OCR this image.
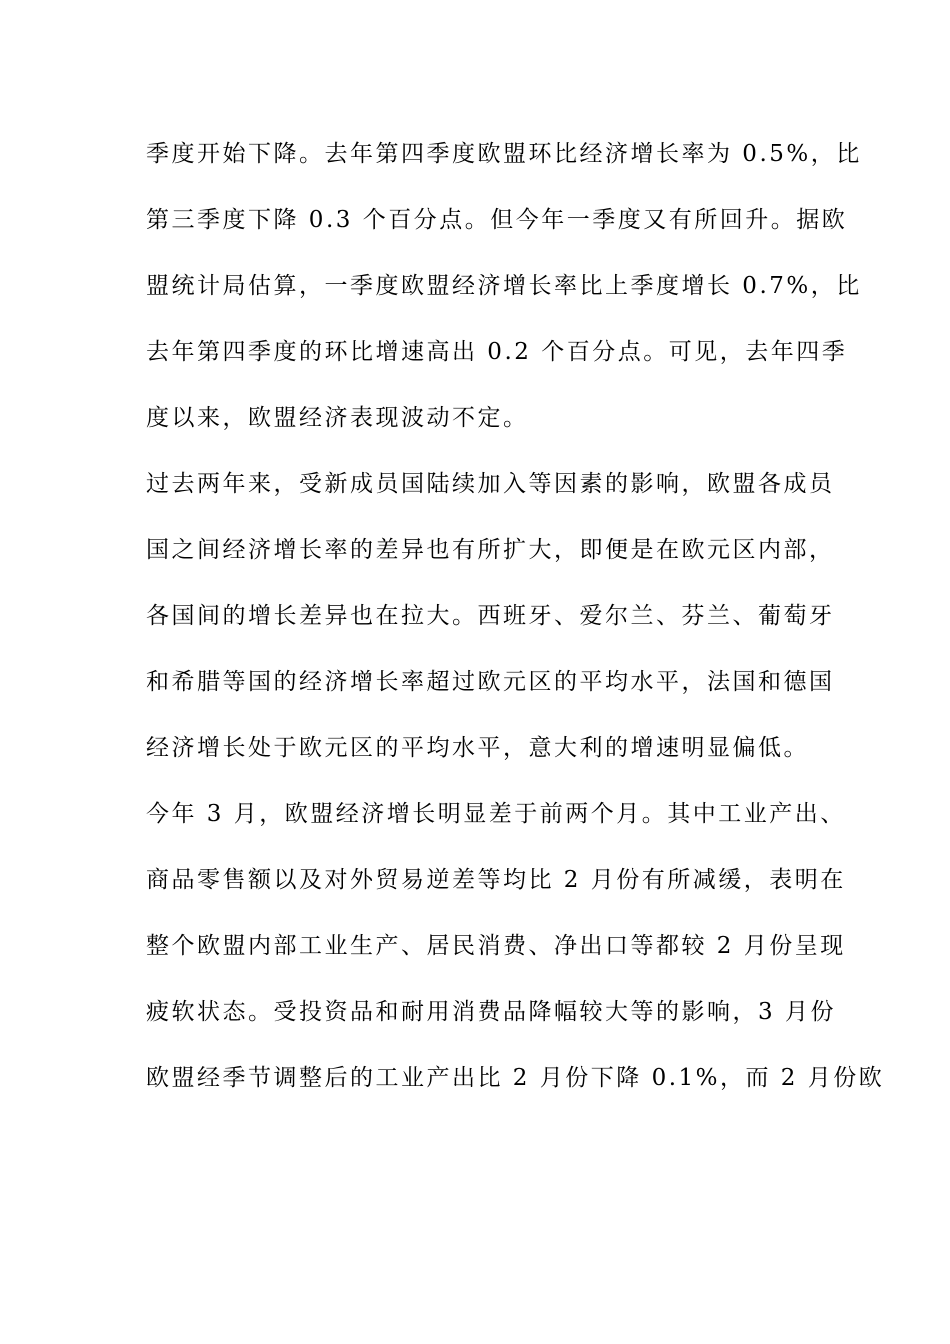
季度开始下降。去年第四季度欧盟环比经济增长率为 0.5%，比
第三季度下降 0.3 个百分点。但今年一季度又有所回升。据欧
盟统计局估算，一季度欧盟经济增长率比上季度增长 0.7%，比
去年第四季度的环比增速高出 0.2 个百分点。可见，去年四季
度以来，欧盟经济表现波动不定。
过去两年来，受新成员国陆续加入等因素的影响，欧盟各成员
国之间经济增长率的差异也有所扩大，即便是在欧元区内部，
各国间的增长差异也在拉大。西班牙、爱尔兰、芬兰、葡萄牙
和希腊等国的经济增长率超过欧元区的平均水平，法国和德国
经济增长处于欧元区的平均水平，意大利的增速明显偏低。
今年 3 月，欧盟经济增长明显差于前两个月。其中工业产出、
商品零售额以及对外贸易逆差等均比 2 月份有所减缓，表明在
整个欧盟内部工业生产、居民消费、净出口等都较 2 月份呈现
疲软状态。受投资品和耐用消费品降幅较大等的影响，3 月份
欧盟经季节调整后的工业产出比 2 月份下降 0.1%，而 2 月份欧
